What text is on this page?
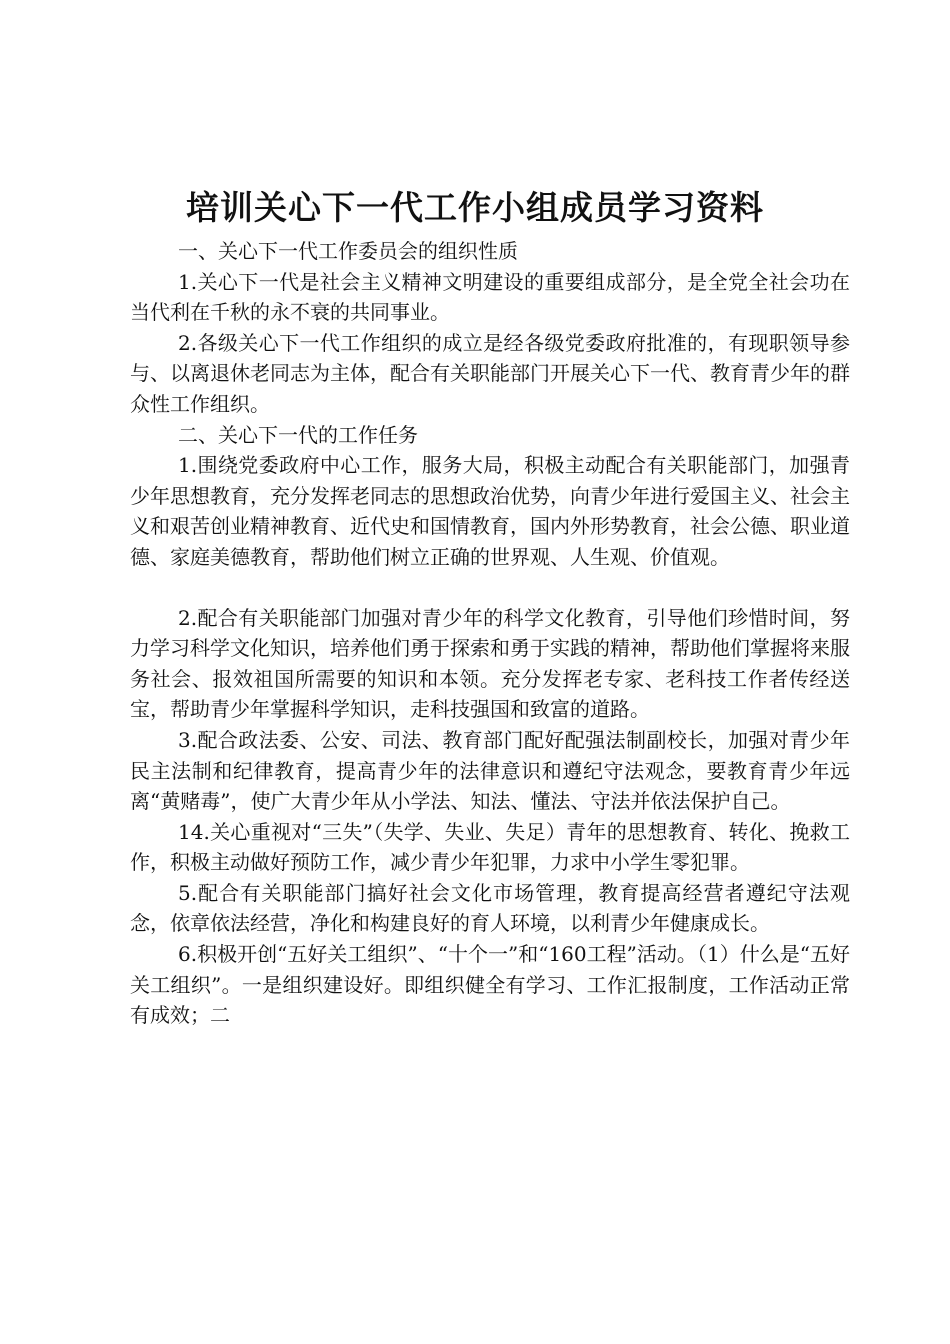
培训关心下一代工作小组成员学习资料

一、关心下一代工作委员会的组织性质

1.关心下一代是社会主义精神文明建设的重要组成部分，是全党全社会功在当代利在千秋的永不衰的共同事业。

2.各级关心下一代工作组织的成立是经各级党委政府批准的，有现职领导参与、以离退休老同志为主体，配合有关职能部门开展关心下一代、教育青少年的群众性工作组织。

二、关心下一代的工作任务

1.围绕党委政府中心工作，服务大局，积极主动配合有关职能部门，加强青少年思想教育，充分发挥老同志的思想政治优势，向青少年进行爱国主义、社会主义和艰苦创业精神教育、近代史和国情教育，国内外形势教育，社会公德、职业道德、家庭美德教育，帮助他们树立正确的世界观、人生观、价值观。

2.配合有关职能部门加强对青少年的科学文化教育，引导他们珍惜时间，努力学习科学文化知识，培养他们勇于探索和勇于实践的精神，帮助他们掌握将来服务社会、报效祖国所需要的知识和本领。充分发挥老专家、老科技工作者传经送宝，帮助青少年掌握科学知识，走科技强国和致富的道路。

3.配合政法委、公安、司法、教育部门配好配强法制副校长，加强对青少年民主法制和纪律教育，提高青少年的法律意识和遵纪守法观念，要教育青少年远离“黄赌毒”，使广大青少年从小学法、知法、懂法、守法并依法保护自己。

14.关心重视对“三失”（失学、失业、失足）青年的思想教育、转化、挽救工作，积极主动做好预防工作，减少青少年犯罪，力求中小学生零犯罪。

5.配合有关职能部门搞好社会文化市场管理，教育提高经营者遵纪守法观念，依章依法经营，净化和构建良好的育人环境，以利青少年健康成长。

6.积极开创“五好关工组织”、“十个一”和“160工程”活动。（1）什么是“五好关工组织”。一是组织建设好。即组织健全有学习、工作汇报制度，工作活动正常有成效；二
